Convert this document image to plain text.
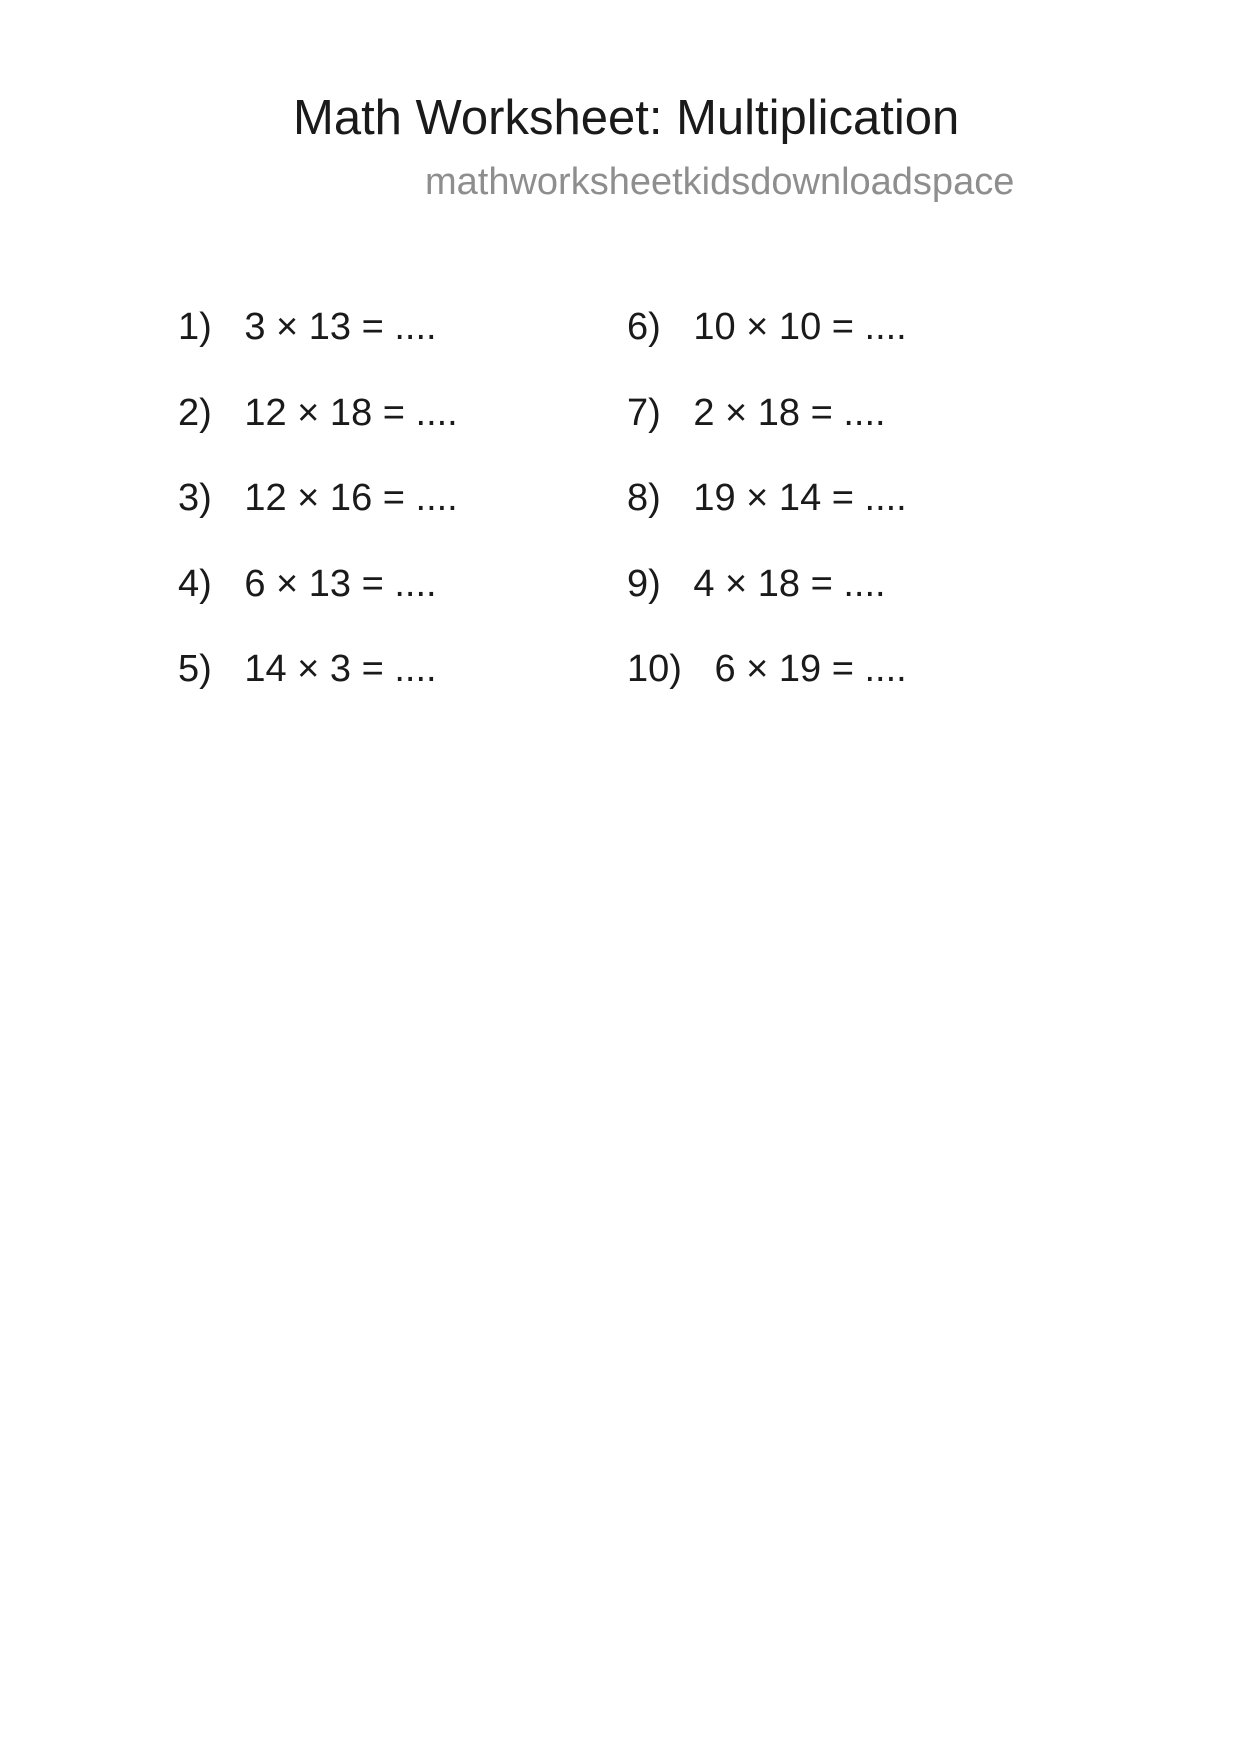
Math Worksheet: Multiplication
mathworksheetkidsdownloadspace
1) 3 × 13 = ....
2) 12 × 18 = ....
3) 12 × 16 = ....
4) 6 × 13 = ....
5) 14 × 3 = ....
6) 10 × 10 = ....
7) 2 × 18 = ....
8) 19 × 14 = ....
9) 4 × 18 = ....
10) 6 × 19 = ....
